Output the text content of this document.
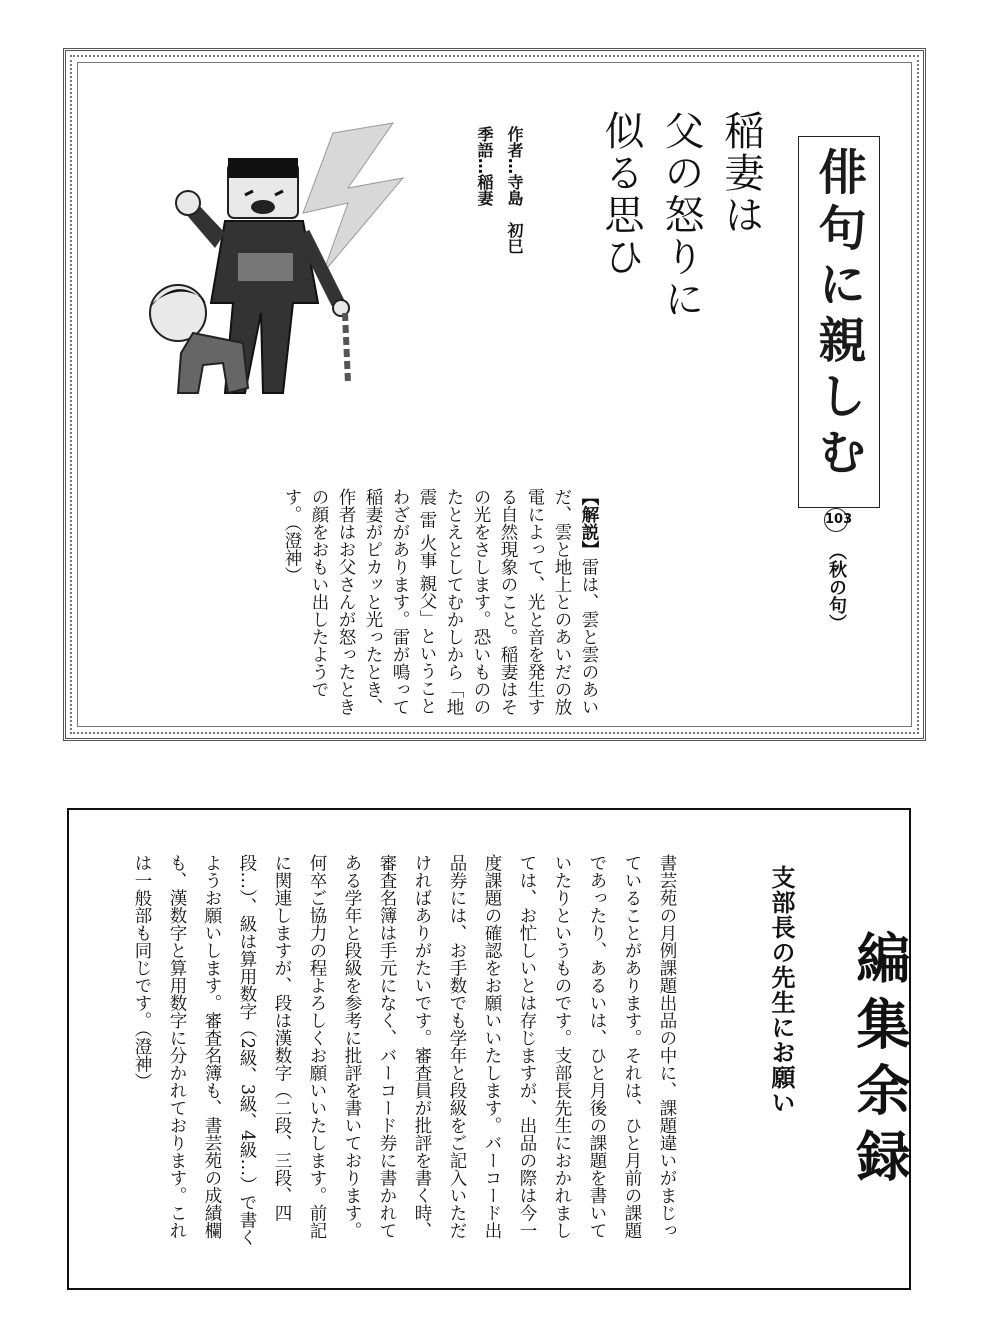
俳句に親しむ
103 （秋の句）
稲妻は
父の怒りに
似る思ひ
作者…寺島　初巳
季語…稲妻
【解説】雷は、雲と雲のあいだ、雲と地上とのあいだの放電によって、光と音を発生する自然現象のこと。稲妻はその光をさします。恐いもののたとえとしてむかしから「地震 雷 火事 親父」ということわざがあります。雷が鳴って稲妻がピカッと光ったとき、作者はお父さんが怒ったときの顔をおもい出したようです。（澄神）
編集余録
支部長の先生にお願い
書芸苑の月例課題出品の中に、課題違いがまじっていることがあります。それは、ひと月前の課題であったり、あるいは、ひと月後の課題を書いていたりというものです。支部長先生におかれましては、お忙しいとは存じますが、出品の際は今一度課題の確認をお願いいたします。バーコード出品券には、お手数でも学年と段級をご記入いただければありがたいです。審査員が批評を書く時、審査名簿は手元になく、バーコード券に書かれてある学年と段級を参考に批評を書いております。何卒ご協力の程よろしくお願いいたします。前記に関連しますが、段は漢数字（二段、三段、四段…）、級は算用数字（2級、3級、4級…）で書くようお願いします。審査名簿も、書芸苑の成績欄も、漢数字と算用数字に分かれております。これは一般部も同じです。（澄神）
